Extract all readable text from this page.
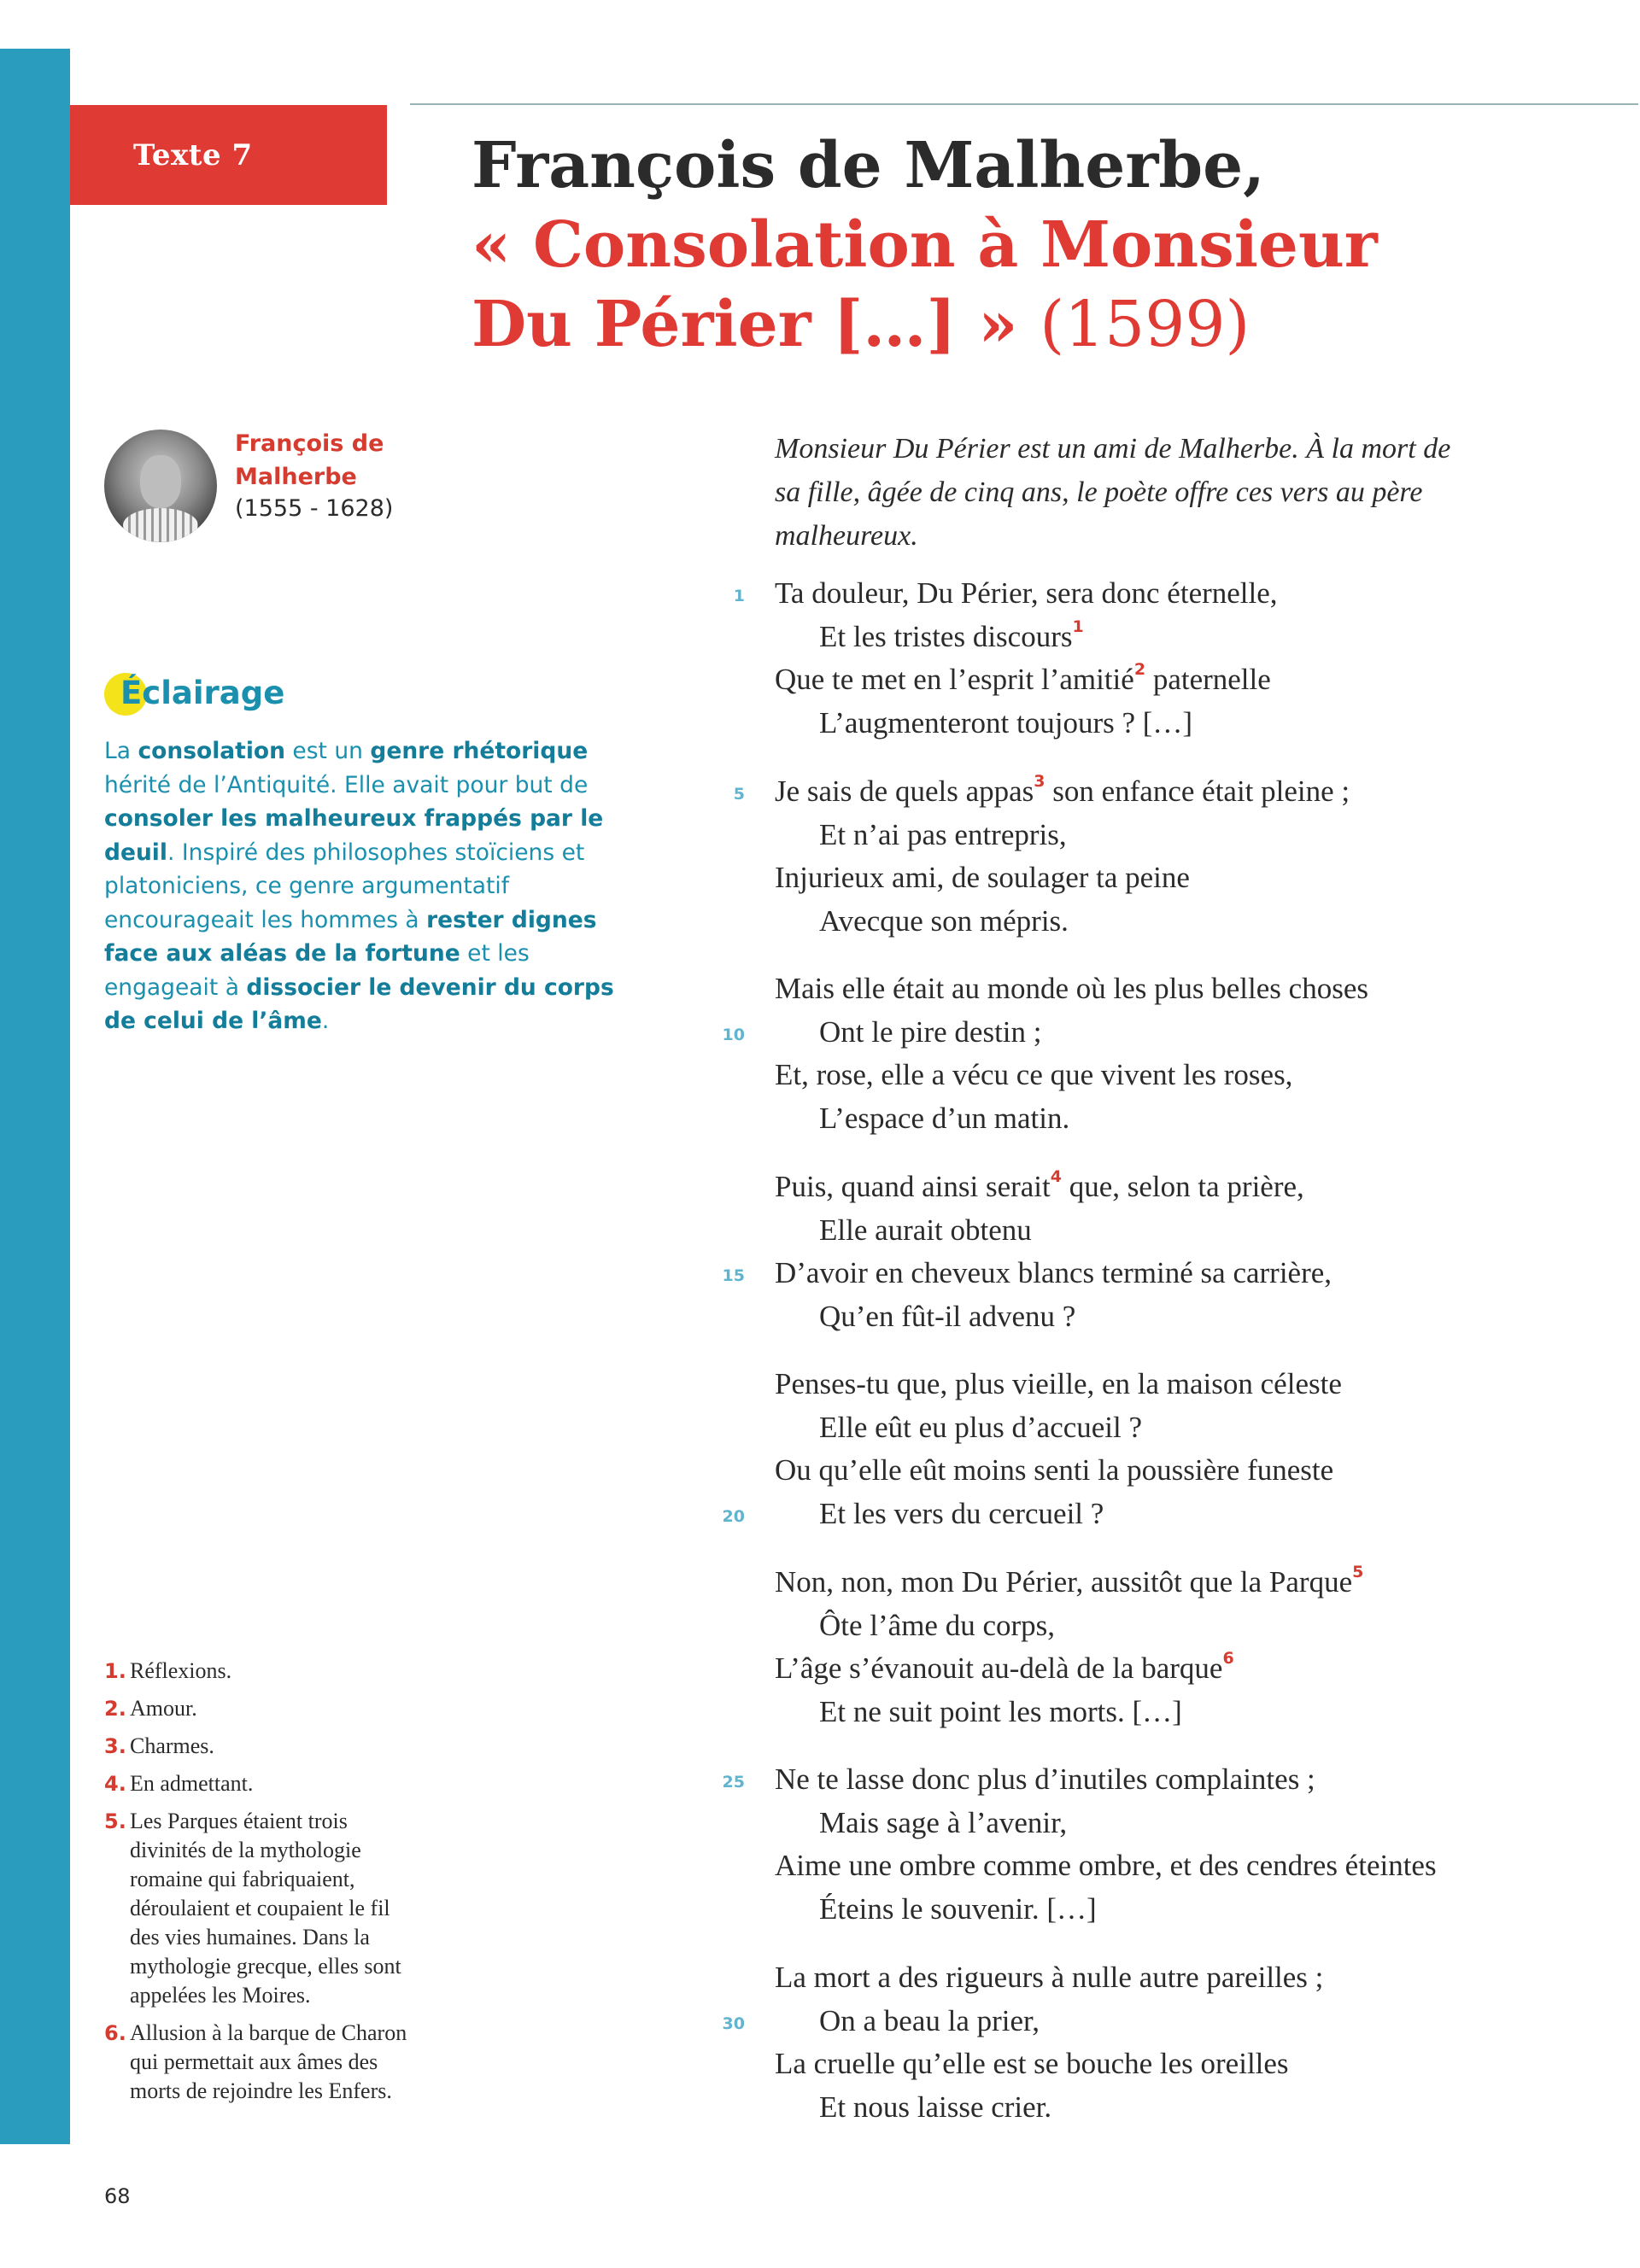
Texte 7	François de Malherbe,
« Consolation à Monsieur
Du Périer […] » (1599)
François de Malherbe
(1555 - 1628)
Éclairage
La consolation est un genre rhétorique hérité de l’Antiquité. Elle avait pour but de consoler les malheureux frappés par le deuil. Inspiré des philosophes stoïciens et platoniciens, ce genre argumentatif encourageait les hommes à rester dignes face aux aléas de la fortune et les engageait à dissocier le devenir du corps de celui de l’âme.
1. Réflexions.
2. Amour.
3. Charmes.
4. En admettant.
5. Les Parques étaient trois divinités de la mythologie romaine qui fabriquaient, déroulaient et coupaient le fil des vies humaines. Dans la mythologie grecque, elles sont appelées les Moires.
6. Allusion à la barque de Charon qui permettait aux âmes des morts de rejoindre les Enfers.
68
Monsieur Du Périer est un ami de Malherbe. À la mort de sa fille, âgée de cinq ans, le poète offre ces vers au père malheureux.
Ta douleur, Du Périer, sera donc éternelle,
1
Et les tristes discours$^1$
Que te met en l’esprit l’amitié$^2$ paternelle
L’augmenteront toujours ? […]
Je sais de quels appas$^3$ son enfance était pleine ;
5
Et n’ai pas entrepris,
Injurieux ami, de soulager ta peine
Avecque son mépris.
Mais elle était au monde où les plus belles choses
Ont le pire destin ;
10
Et, rose, elle a vécu ce que vivent les roses,
L’espace d’un matin.
Puis, quand ainsi serait$^4$ que, selon ta prière,
Elle aurait obtenu
D’avoir en cheveux blancs terminé sa carrière,
15
Qu’en fût-il advenu ?
Penses-tu que, plus vieille, en la maison céleste
Elle eût eu plus d’accueil ?
Ou qu’elle eût moins senti la poussière funeste
Et les vers du cercueil ?
20
Non, non, mon Du Périer, aussitôt que la Parque$^5$
Ôte l’âme du corps,
L’âge s’évanouit au-delà de la barque$^6$
Et ne suit point les morts. […]
Ne te lasse donc plus d’inutiles complaintes ;
25
Mais sage à l’avenir,
Aime une ombre comme ombre, et des cendres éteintes
Éteins le souvenir. […]
La mort a des rigueurs à nulle autre pareilles ;
On a beau la prier,
30
La cruelle qu’elle est se bouche les oreilles
Et nous laisse crier.
